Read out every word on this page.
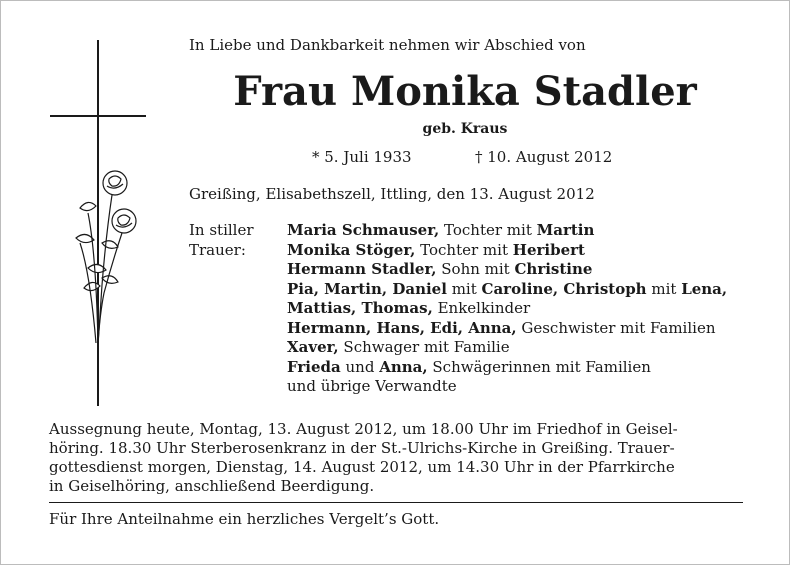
In Liebe und Dankbarkeit nehmen wir Abschied von
Frau Monika Stadler
geb. Kraus
* 5. Juli 1933	† 10. August 2012
Greißing, Elisabethszell, Ittling, den 13. August 2012
In stiller
Trauer:
Maria Schmauser, Tochter mit Martin
Monika Stöger, Tochter mit Heribert
Hermann Stadler, Sohn mit Christine
Pia, Martin, Daniel mit Caroline, Christoph mit Lena,
Mattias, Thomas, Enkelkinder
Hermann, Hans, Edi, Anna, Geschwister mit Familien
Xaver, Schwager mit Familie
Frieda und Anna, Schwägerinnen mit Familien
und übrige Verwandte
Aussegnung heute, Montag, 13. August 2012, um 18.00 Uhr im Friedhof in Geisel-
höring. 18.30 Uhr Sterberosenkranz in der St.-Ulrichs-Kirche in Greißing. Trauer-
gottesdienst morgen, Dienstag, 14. August 2012, um 14.30 Uhr in der Pfarrkirche
in Geiselhöring, anschließend Beerdigung.
Für Ihre Anteilnahme ein herzliches Vergelt’s Gott.
